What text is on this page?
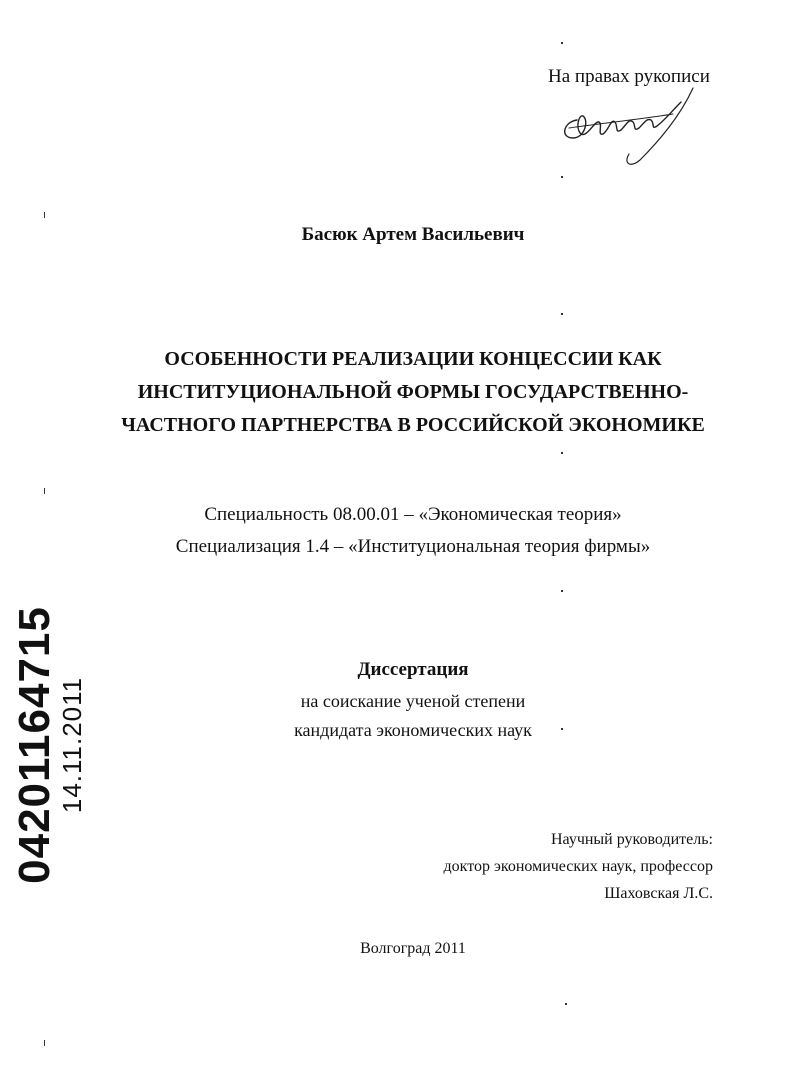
На правах рукописи
Басюк Артем Васильевич
ОСОБЕННОСТИ РЕАЛИЗАЦИИ КОНЦЕССИИ КАК
ИНСТИТУЦИОНАЛЬНОЙ ФОРМЫ ГОСУДАРСТВЕННО-
ЧАСТНОГО ПАРТНЕРСТВА В РОССИЙСКОЙ ЭКОНОМИКЕ
Специальность 08.00.01 – «Экономическая теория»
Специализация 1.4 – «Институциональная теория фирмы»
Диссертация
на соискание ученой степени
кандидата экономических наук
Научный руководитель:
доктор экономических наук, профессор
Шаховская Л.С.
Волгоград 2011
04201164715
14.11.2011
